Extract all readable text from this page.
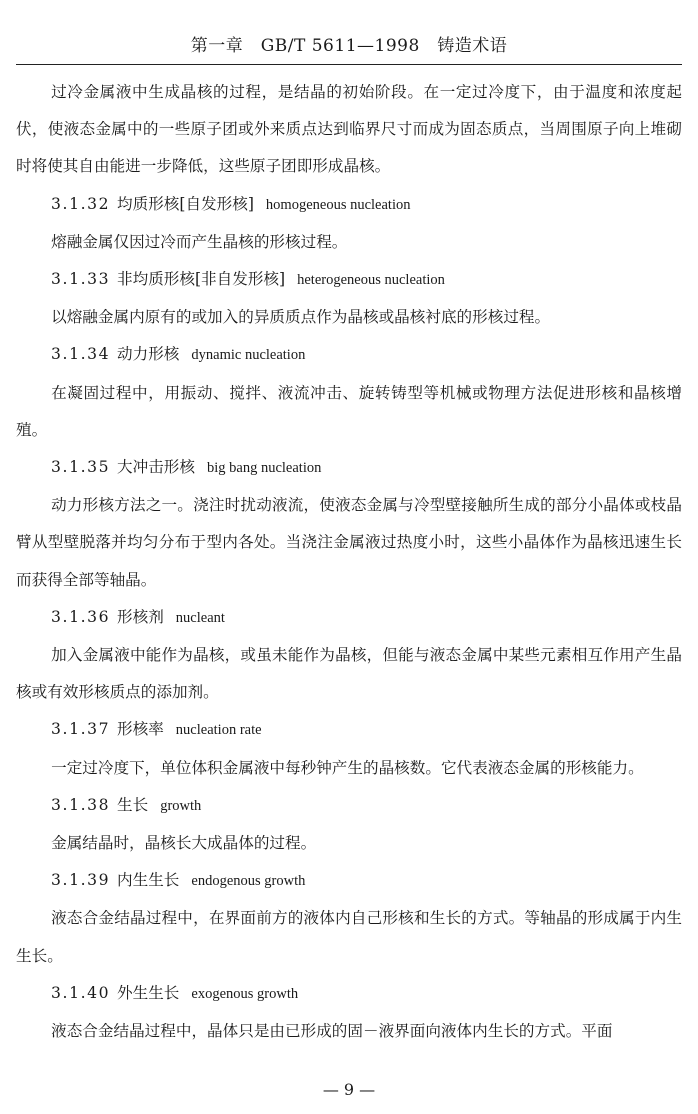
第一章　GB/T 5611—1998　铸造术语

过冷金属液中生成晶核的过程，是结晶的初始阶段。在一定过冷度下，由于温度和浓度起伏，使液态金属中的一些原子团或外来质点达到临界尺寸而成为固态质点，当周围原子向上堆砌时将使其自由能进一步降低，这些原子团即形成晶核。

3.1.32 均质形核[自发形核] homogeneous nucleation

熔融金属仅因过冷而产生晶核的形核过程。

3.1.33 非均质形核[非自发形核] heterogeneous nucleation

以熔融金属内原有的或加入的异质质点作为晶核或晶核衬底的形核过程。

3.1.34 动力形核 dynamic nucleation

在凝固过程中，用振动、搅拌、液流冲击、旋转铸型等机械或物理方法促进形核和晶核增殖。

3.1.35 大冲击形核 big bang nucleation

动力形核方法之一。浇注时扰动液流，使液态金属与冷型壁接触所生成的部分小晶体或枝晶臂从型壁脱落并均匀分布于型内各处。当浇注金属液过热度小时，这些小晶体作为晶核迅速生长而获得全部等轴晶。

3.1.36 形核剂 nucleant

加入金属液中能作为晶核，或虽未能作为晶核，但能与液态金属中某些元素相互作用产生晶核或有效形核质点的添加剂。

3.1.37 形核率 nucleation rate

一定过冷度下，单位体积金属液中每秒钟产生的晶核数。它代表液态金属的形核能力。

3.1.38 生长 growth

金属结晶时，晶核长大成晶体的过程。

3.1.39 内生生长 endogenous growth

液态合金结晶过程中，在界面前方的液体内自己形核和生长的方式。等轴晶的形成属于内生生长。

3.1.40 外生生长 exogenous growth

液态合金结晶过程中，晶体只是由已形成的固－液界面向液体内生长的方式。平面

— 9 —
